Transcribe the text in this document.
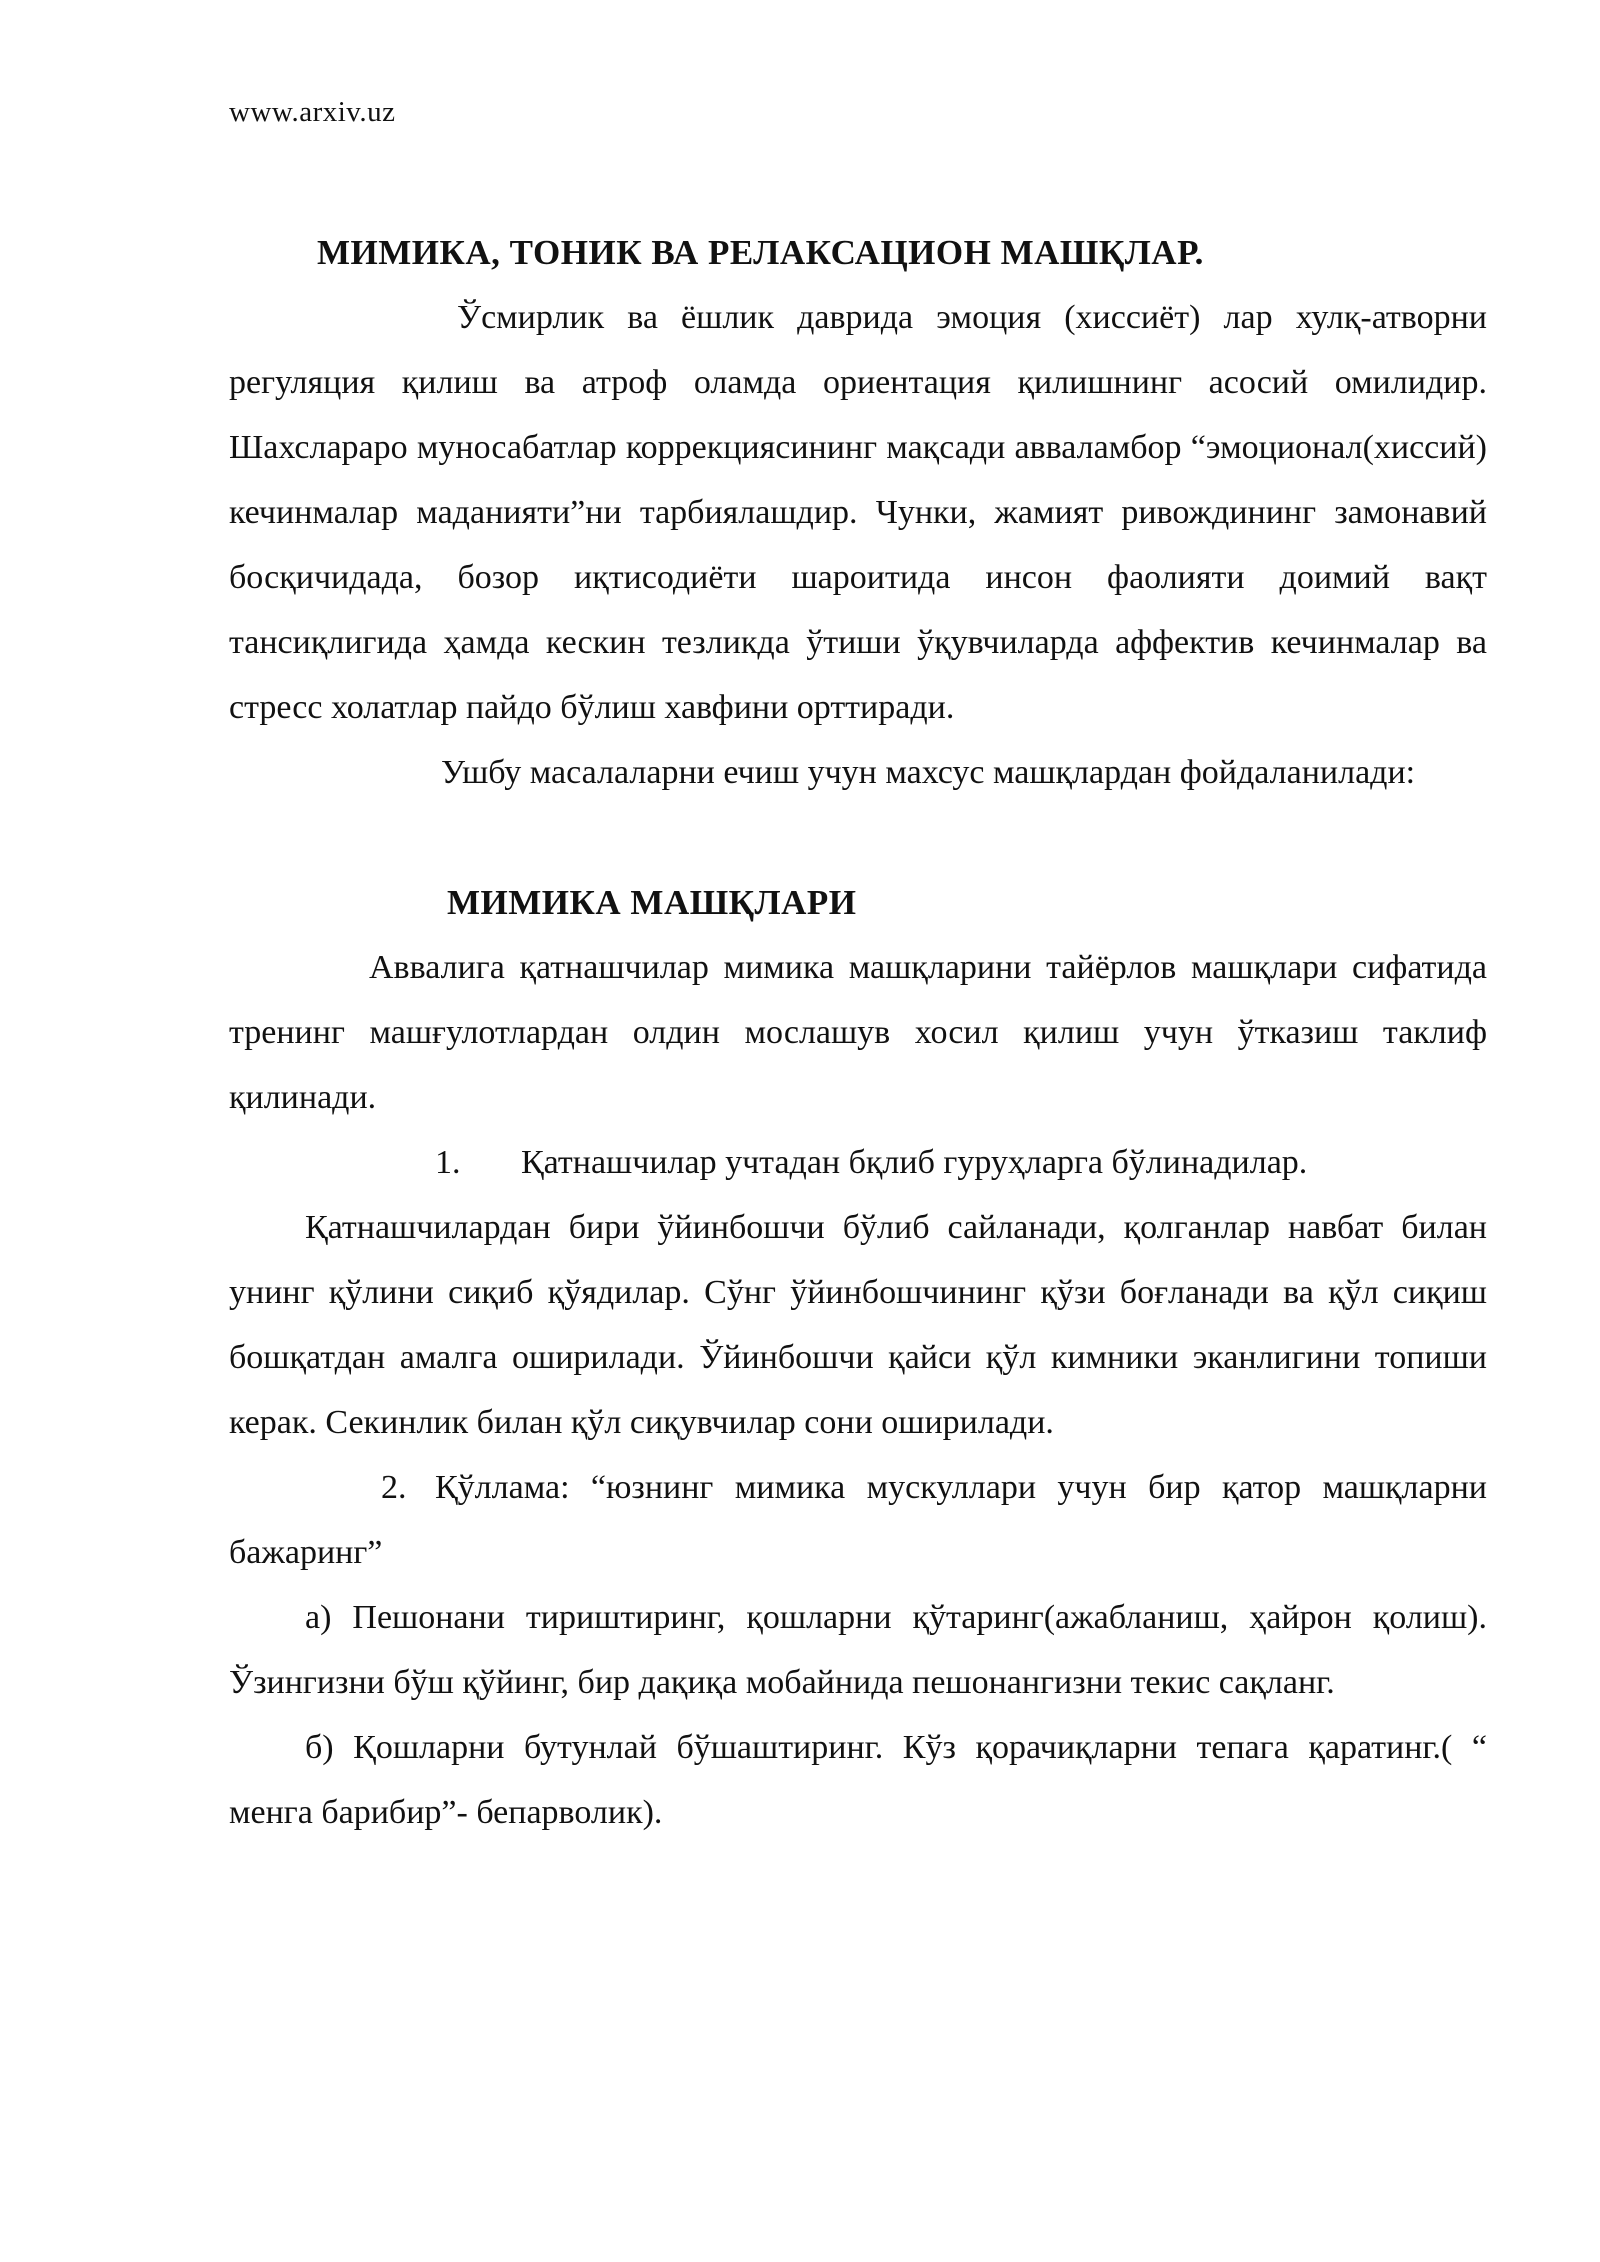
www.arxiv.uz
МИМИКА, ТОНИК ВА РЕЛАКСАЦИОН МАШҚЛАР.

Ўсмирлик ва ёшлик даврида эмоция (хиссиёт) лар хулқ-атворни регуляция қилиш ва атроф оламда ориентация қилишнинг асосий омилидир. Шахслараро муносабатлар коррекциясининг мақсади авваламбор “эмоционал(хиссий) кечинмалар маданияти”ни тарбиялашдир. Чунки, жамият ривождининг замонавий босқичидада, бозор иқтисодиёти шароитида инсон фаолияти доимий вақт тансиқлигида ҳамда кескин тезликда ўтиши ўқувчиларда аффектив кечинмалар ва стресс холатлар пайдо бўлиш хавфини орттиради.

Ушбу масалаларни ечиш учун махсус машқлардан фойдаланилади:

МИМИКА МАШҚЛАРИ

Аввалига қатнашчилар мимика машқларини тайёрлов машқлари сифатида тренинг машғулотлардан олдин мослашув хосил қилиш учун ўтказиш таклиф қилинади.

1. Қатнашчилар учтадан бқлиб гуруҳларга бўлинадилар.

Қатнашчилардан бири ўйинбошчи бўлиб сайланади, қолганлар навбат билан унинг қўлини сиқиб қўядилар. Сўнг ўйинбошчининг қўзи боғланади ва қўл сиқиш бошқатдан амалга оширилади. Ўйинбошчи қайси қўл кимники эканлигини топиши керак. Секинлик билан қўл сиқувчилар сони оширилади.

2. Қўллама: “юзнинг мимика мускуллари учун бир қатор машқларни бажаринг”

а) Пешонани тириштиринг, қошларни қўтаринг(ажабланиш, ҳайрон қолиш). Ўзингизни бўш қўйинг, бир дақиқа мобайнида пешонангизни текис сақланг.

б) Қошларни бутунлай бўшаштиринг. Кўз қорачиқларни тепага қаратинг.( “ менга барибир”- бепарволик).
